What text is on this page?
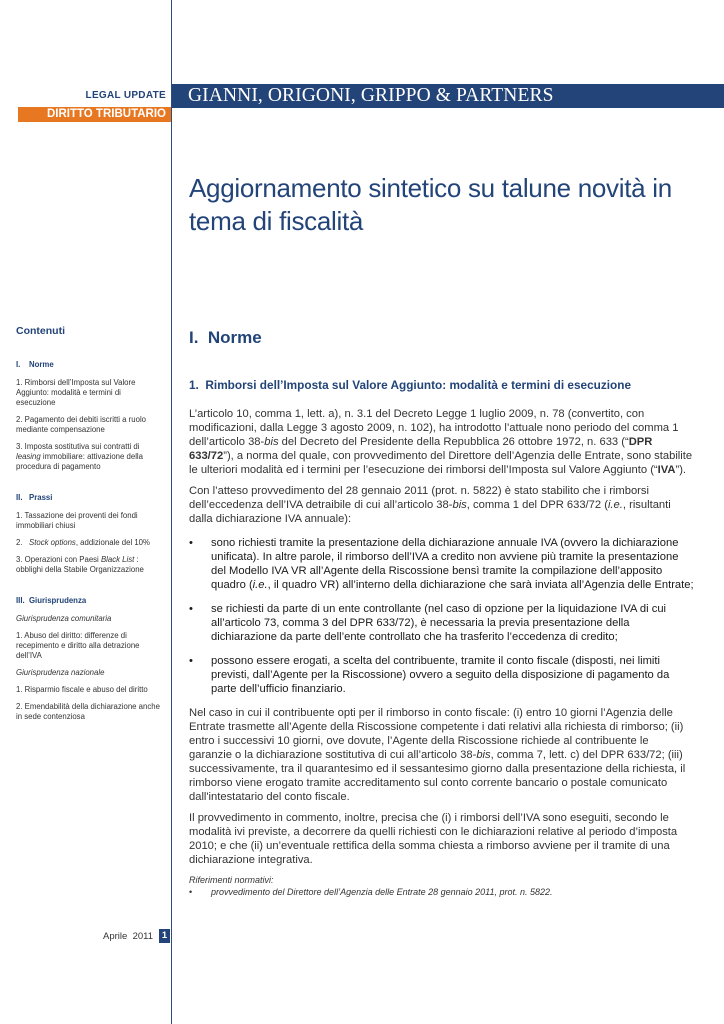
GIANNI, ORIGONI, GRIPPO & PARTNERS
LEGAL UPDATE
DIRITTO TRIBUTARIO
Aggiornamento sintetico su talune novità in tema di fiscalità
Contenuti
I.    Norme
1. Rimborsi dell’Imposta sul Valore Aggiunto: modalità e termini di esecuzione
2. Pagamento dei debiti iscritti a ruolo mediante compensazione
3. Imposta sostitutiva sui contratti di leasing immobiliare: attivazione della procedura di pagamento
II.   Prassi
1. Tassazione dei proventi dei fondi immobiliari chiusi
2.   Stock options, addizionale del 10%
3. Operazioni con Paesi Black List : obblighi della Stabile Organizzazione
III.  Giurisprudenza
Giurisprudenza comunitaria
1. Abuso del diritto: differenze di recepimento e diritto alla detrazione dell’IVA
Giurisprudenza nazionale
1. Risparmio fiscale e abuso del diritto
2. Emendabilità della dichiarazione anche in sede contenziosa
I.  Norme
1.  Rimborsi dell’Imposta sul Valore Aggiunto: modalità e termini di esecuzione

L’articolo 10, comma 1, lett. a), n. 3.1 del Decreto Legge 1 luglio 2009, n. 78 (convertito, con modificazioni, dalla Legge 3 agosto 2009, n. 102), ha introdotto l’attuale nono periodo del comma 1 dell’articolo 38-bis del Decreto del Presidente della Repubblica 26 ottobre 1972, n. 633 (“DPR 633/72”), a norma del quale, con provvedimento del Direttore dell’Agenzia delle Entrate, sono stabilite le ulteriori modalità ed i termini per l’esecuzione dei rimborsi dell’Imposta sul Valore Aggiunto (“IVA”).

Con l’atteso provvedimento del 28 gennaio 2011 (prot. n. 5822) è stato stabilito che i rimborsi dell’eccedenza dell’IVA detraibile di cui all’articolo 38-bis, comma 1 del DPR 633/72 (i.e., risultanti dalla dichiarazione IVA annuale):

• sono richiesti tramite la presentazione della dichiarazione annuale IVA (ovvero la dichiarazione unificata). In altre parole, il rimborso dell’IVA a credito non avviene più tramite la presentazione del Modello IVA VR all’Agente della Riscossione bensì tramite la compilazione dell’apposito quadro (i.e., il quadro VR) all’interno della dichiarazione che sarà inviata all’Agenzia delle Entrate;
• se richiesti da parte di un ente controllante (nel caso di opzione per la liquidazione IVA di cui all’articolo 73, comma 3 del DPR 633/72), è necessaria la previa presentazione della dichiarazione da parte dell’ente controllato che ha trasferito l’eccedenza di credito;
• possono essere erogati, a scelta del contribuente, tramite il conto fiscale (disposti, nei limiti previsti, dall’Agente per la Riscossione) ovvero a seguito della disposizione di pagamento da parte dell’ufficio finanziario.

Nel caso in cui il contribuente opti per il rimborso in conto fiscale: (i) entro 10 giorni l’Agenzia delle Entrate trasmette all’Agente della Riscossione competente i dati relativi alla richiesta di rimborso; (ii) entro i successivi 10 giorni, ove dovute, l’Agente della Riscossione richiede al contribuente le garanzie o la dichiarazione sostitutiva di cui all’articolo 38-bis, comma 7, lett. c) del DPR 633/72; (iii) successivamente, tra il quarantesimo ed il sessantesimo giorno dalla presentazione della richiesta, il rimborso viene erogato tramite accreditamento sul conto corrente bancario o postale comunicato dall'intestatario del conto fiscale.

Il provvedimento in commento, inoltre, precisa che (i) i rimborsi dell’IVA sono eseguiti, secondo le modalità ivi previste, a decorrere da quelli richiesti con le dichiarazioni relative al periodo d’imposta 2010; e che (ii) un’eventuale rettifica della somma chiesta a rimborso avviene per il tramite di una dichiarazione integrativa.

Riferimenti normativi:
• provvedimento del Direttore dell’Agenzia delle Entrate 28 gennaio 2011, prot. n. 5822.
Aprile  2011 1
